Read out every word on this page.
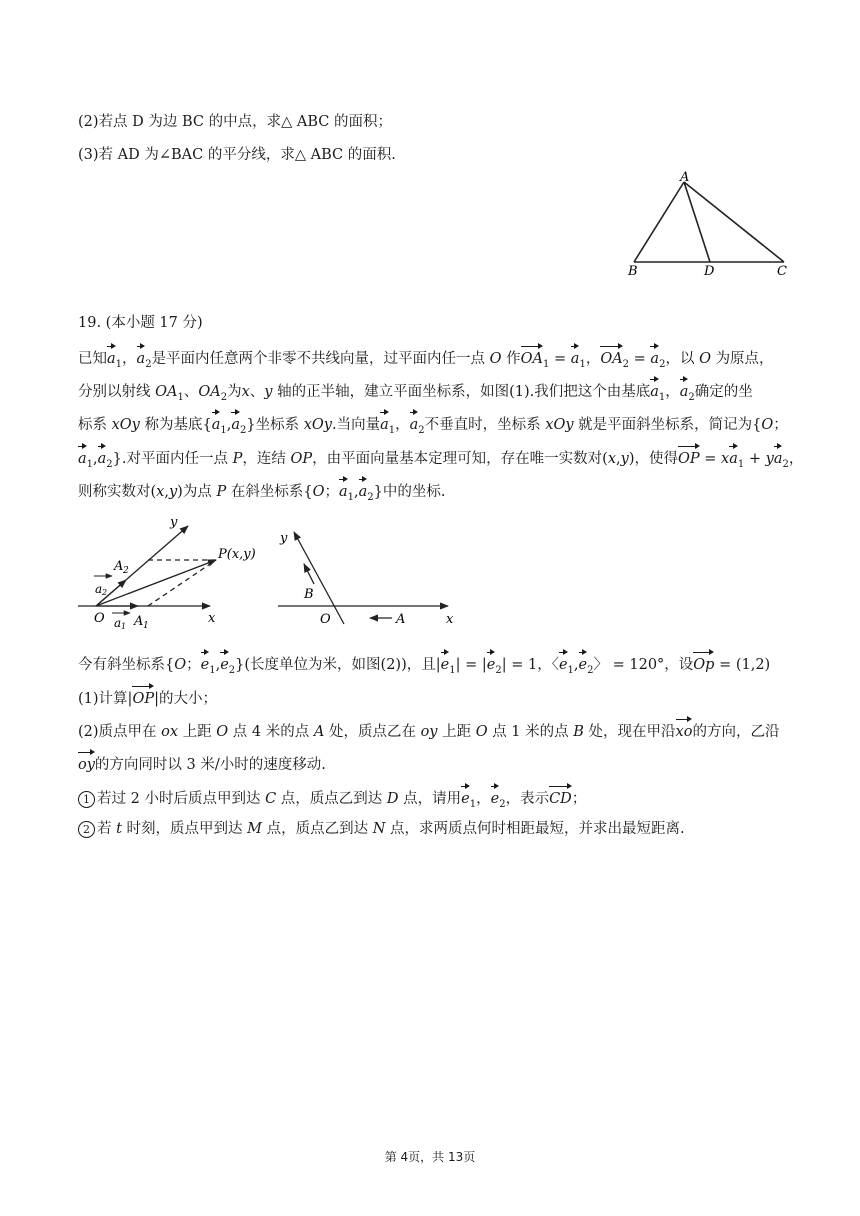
(2)若点 D 为边 BC 的中点，求△ ABC 的面积；
(3)若 AD 为∠BAC 的平分线，求△ ABC 的面积.
A
B	D	C
19. (本小题 17 分)
已知$a_1$，$a_2$是平面内任意两个非零不共线向量，过平面内任一点 O 作$OA_1 = a_1$，$OA_2 = a_2$，以 O 为原点，
分别以射线 $OA_1$、$OA_2$为x、y 轴的正半轴，建立平面坐标系，如图(1).我们把这个由基底$a_1$，$a_2$确定的坐
标系 xOy 称为基底$\{a_1,a_2\}$坐标系 xOy.当向量$a_1$，$a_2$不垂直时，坐标系 xOy 就是平面斜坐标系，简记为{O；
$a_1,a_2$}.对平面内任一点 P，连结 OP，由平面向量基本定理可知，存在唯一实数对(x,y)，使得OP = $xa_1 + ya_2$，
则称实数对(x,y)为点 P 在斜坐标系{O；$a_1,a_2$}中的坐标.
y
A 2
P(x,y)
a 2
O a 1 A 1	x
y
B
O	A	x
今有斜坐标系{O；$e_1,e_2$}(长度单位为米，如图(2))，且$|e_1| = |e_2| = 1$，〈$e_1,e_2$〉 = 120°，设Op = (1,2)
(1)计算|OP|的大小；
(2)质点甲在 ox 上距 O 点 4 米的点 A 处，质点乙在 oy 上距 O 点 1 米的点 B 处，现在甲沿xo的方向，乙沿
oy的方向同时以 3 米/小时的速度移动.
1 若过 2 小时后质点甲到达 C 点，质点乙到达 D 点，请用$e_1$，$e_2$，表示CD；
2 若 t 时刻，质点甲到达 M 点，质点乙到达 N 点，求两质点何时相距最短，并求出最短距离.
第 4页，共 13页
